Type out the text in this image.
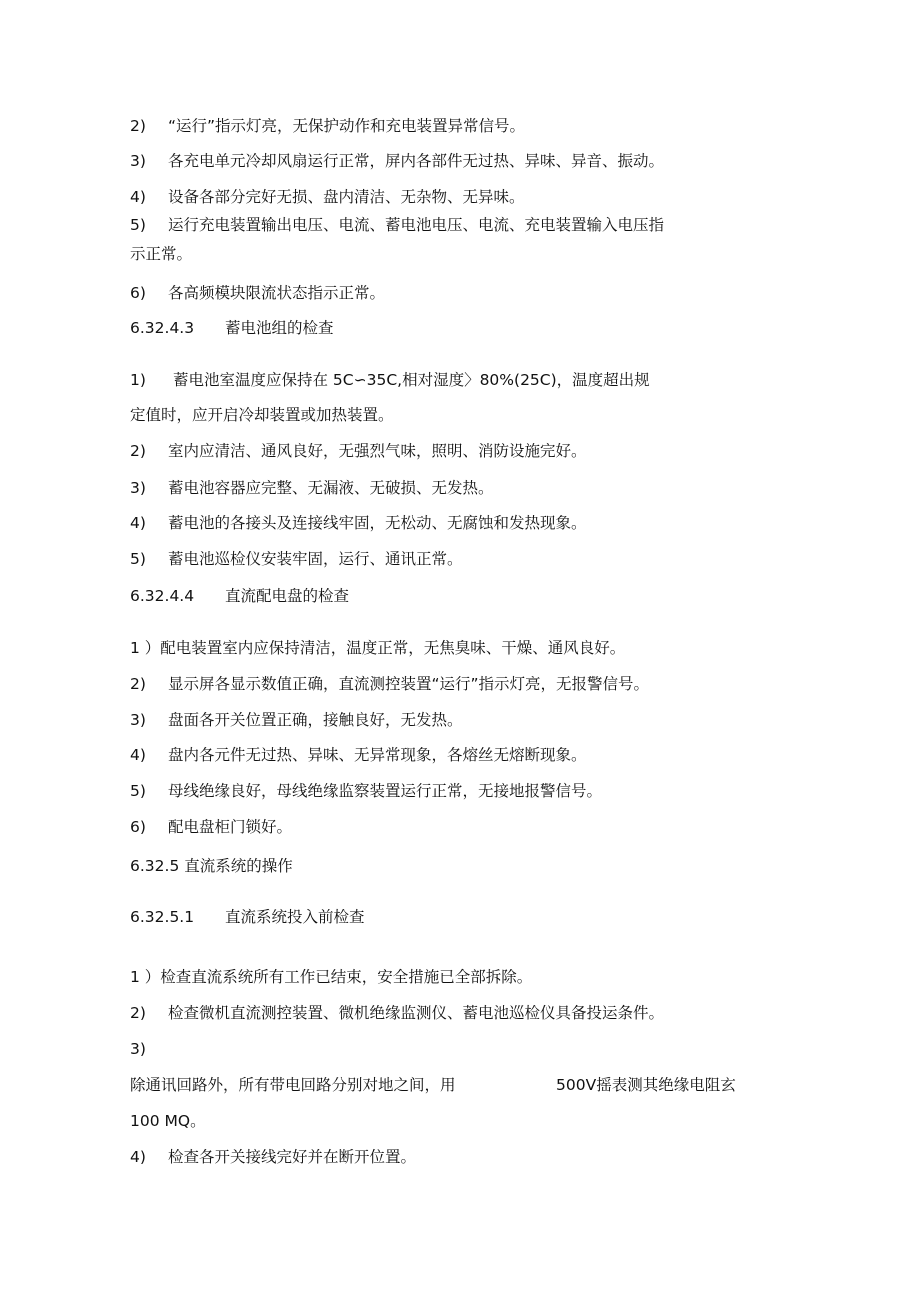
2) “运行”指示灯亮，无保护动作和充电装置异常信号。
3) 各充电单元冷却风扇运行正常，屏内各部件无过热、异味、异音、振动。
4) 设备各部分完好无损、盘内清洁、无杂物、无异味。
5) 运行充电装置输出电压、电流、蓄电池电压、电流、充电装置输入电压指
示正常。
6) 各高频模块限流状态指示正常。
6.32.4.3 蓄电池组的检查
1) 蓄电池室温度应保持在 5C∽35C,相对湿度〉80%(25C)，温度超出规
定值时，应开启冷却装置或加热装置。
2) 室内应清洁、通风良好，无强烈气味，照明、消防设施完好。
3) 蓄电池容器应完整、无漏液、无破损、无发热。
4) 蓄电池的各接头及连接线牢固，无松动、无腐蚀和发热现象。
5) 蓄电池巡检仪安装牢固，运行、通讯正常。
6.32.4.4 直流配电盘的检查
1 ）配电装置室内应保持清洁，温度正常，无焦臭味、干燥、通风良好。
2) 显示屏各显示数值正确，直流测控装置“运行”指示灯亮，无报警信号。
3) 盘面各开关位置正确，接触良好，无发热。
4) 盘内各元件无过热、异味、无异常现象，各熔丝无熔断现象。
5) 母线绝缘良好，母线绝缘监察装置运行正常，无接地报警信号。
6) 配电盘柜门锁好。
6.32.5 直流系统的操作
6.32.5.1 直流系统投入前检查
1 ）检查直流系统所有工作已结束，安全措施已全部拆除。
2) 检查微机直流测控装置、微机绝缘监测仪、蓄电池巡检仪具备投运条件。
3)
除通讯回路外，所有带电回路分别对地之间，用	500V摇表测其绝缘电阻玄
100 MQ。
4) 检查各开关接线完好并在断开位置。
